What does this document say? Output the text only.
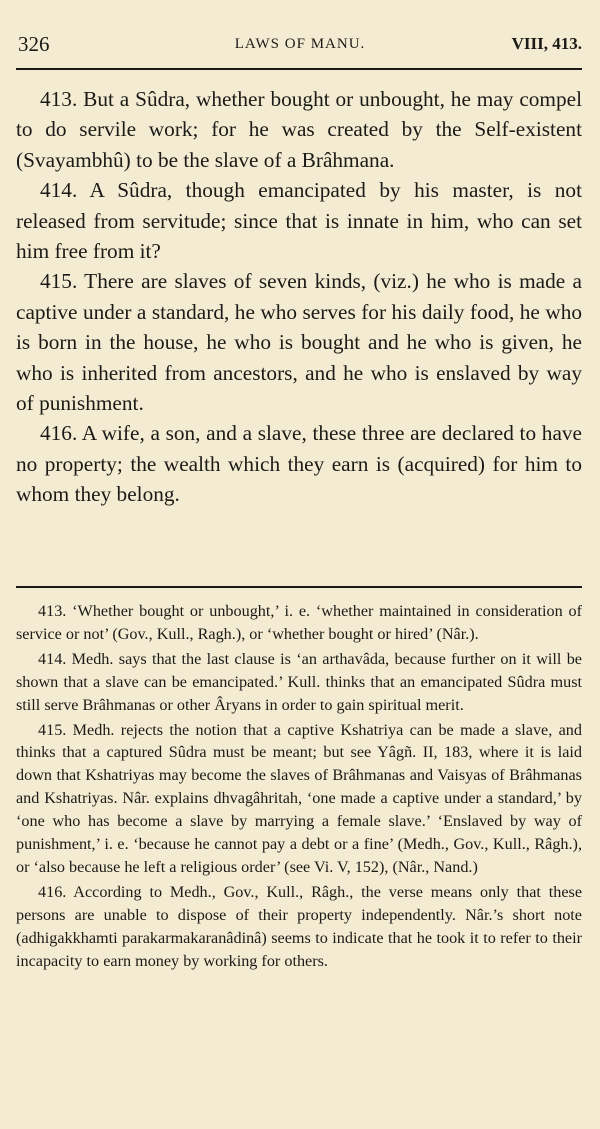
326	LAWS OF MANU.	VIII, 413.

413. But a Sûdra, whether bought or unbought, he may compel to do servile work; for he was created by the Self-existent (Svayambhû) to be the slave of a Brâhmana.

414. A Sûdra, though emancipated by his master, is not released from servitude; since that is innate in him, who can set him free from it?

415. There are slaves of seven kinds, (viz.) he who is made a captive under a standard, he who serves for his daily food, he who is born in the house, he who is bought and he who is given, he who is inherited from ancestors, and he who is enslaved by way of punishment.

416. A wife, a son, and a slave, these three are declared to have no property; the wealth which they earn is (acquired) for him to whom they belong.

413. ‘Whether bought or unbought,’ i. e. ‘whether maintained in consideration of service or not’ (Gov., Kull., Ragh.), or ‘whether bought or hired’ (Nâr.).

414. Medh. says that the last clause is ‘an arthavâda, because further on it will be shown that a slave can be emancipated.’ Kull. thinks that an emancipated Sûdra must still serve Brâhmanas or other Âryans in order to gain spiritual merit.

415. Medh. rejects the notion that a captive Kshatriya can be made a slave, and thinks that a captured Sûdra must be meant; but see Yâgñ. II, 183, where it is laid down that Kshatriyas may become the slaves of Brâhmanas and Vaisyas of Brâhmanas and Kshatriyas. Nâr. explains dhvagâhritah, ‘one made a captive under a standard,’ by ‘one who has become a slave by marrying a female slave.’ ‘Enslaved by way of punishment,’ i. e. ‘because he cannot pay a debt or a fine’ (Medh., Gov., Kull., Râgh.), or ‘also because he left a religious order’ (see Vi. V, 152), (Nâr., Nand.)

416. According to Medh., Gov., Kull., Râgh., the verse means only that these persons are unable to dispose of their property independently. Nâr.’s short note (adhigakkhamti parakarmakaranâdinâ) seems to indicate that he took it to refer to their incapacity to earn money by working for others.
